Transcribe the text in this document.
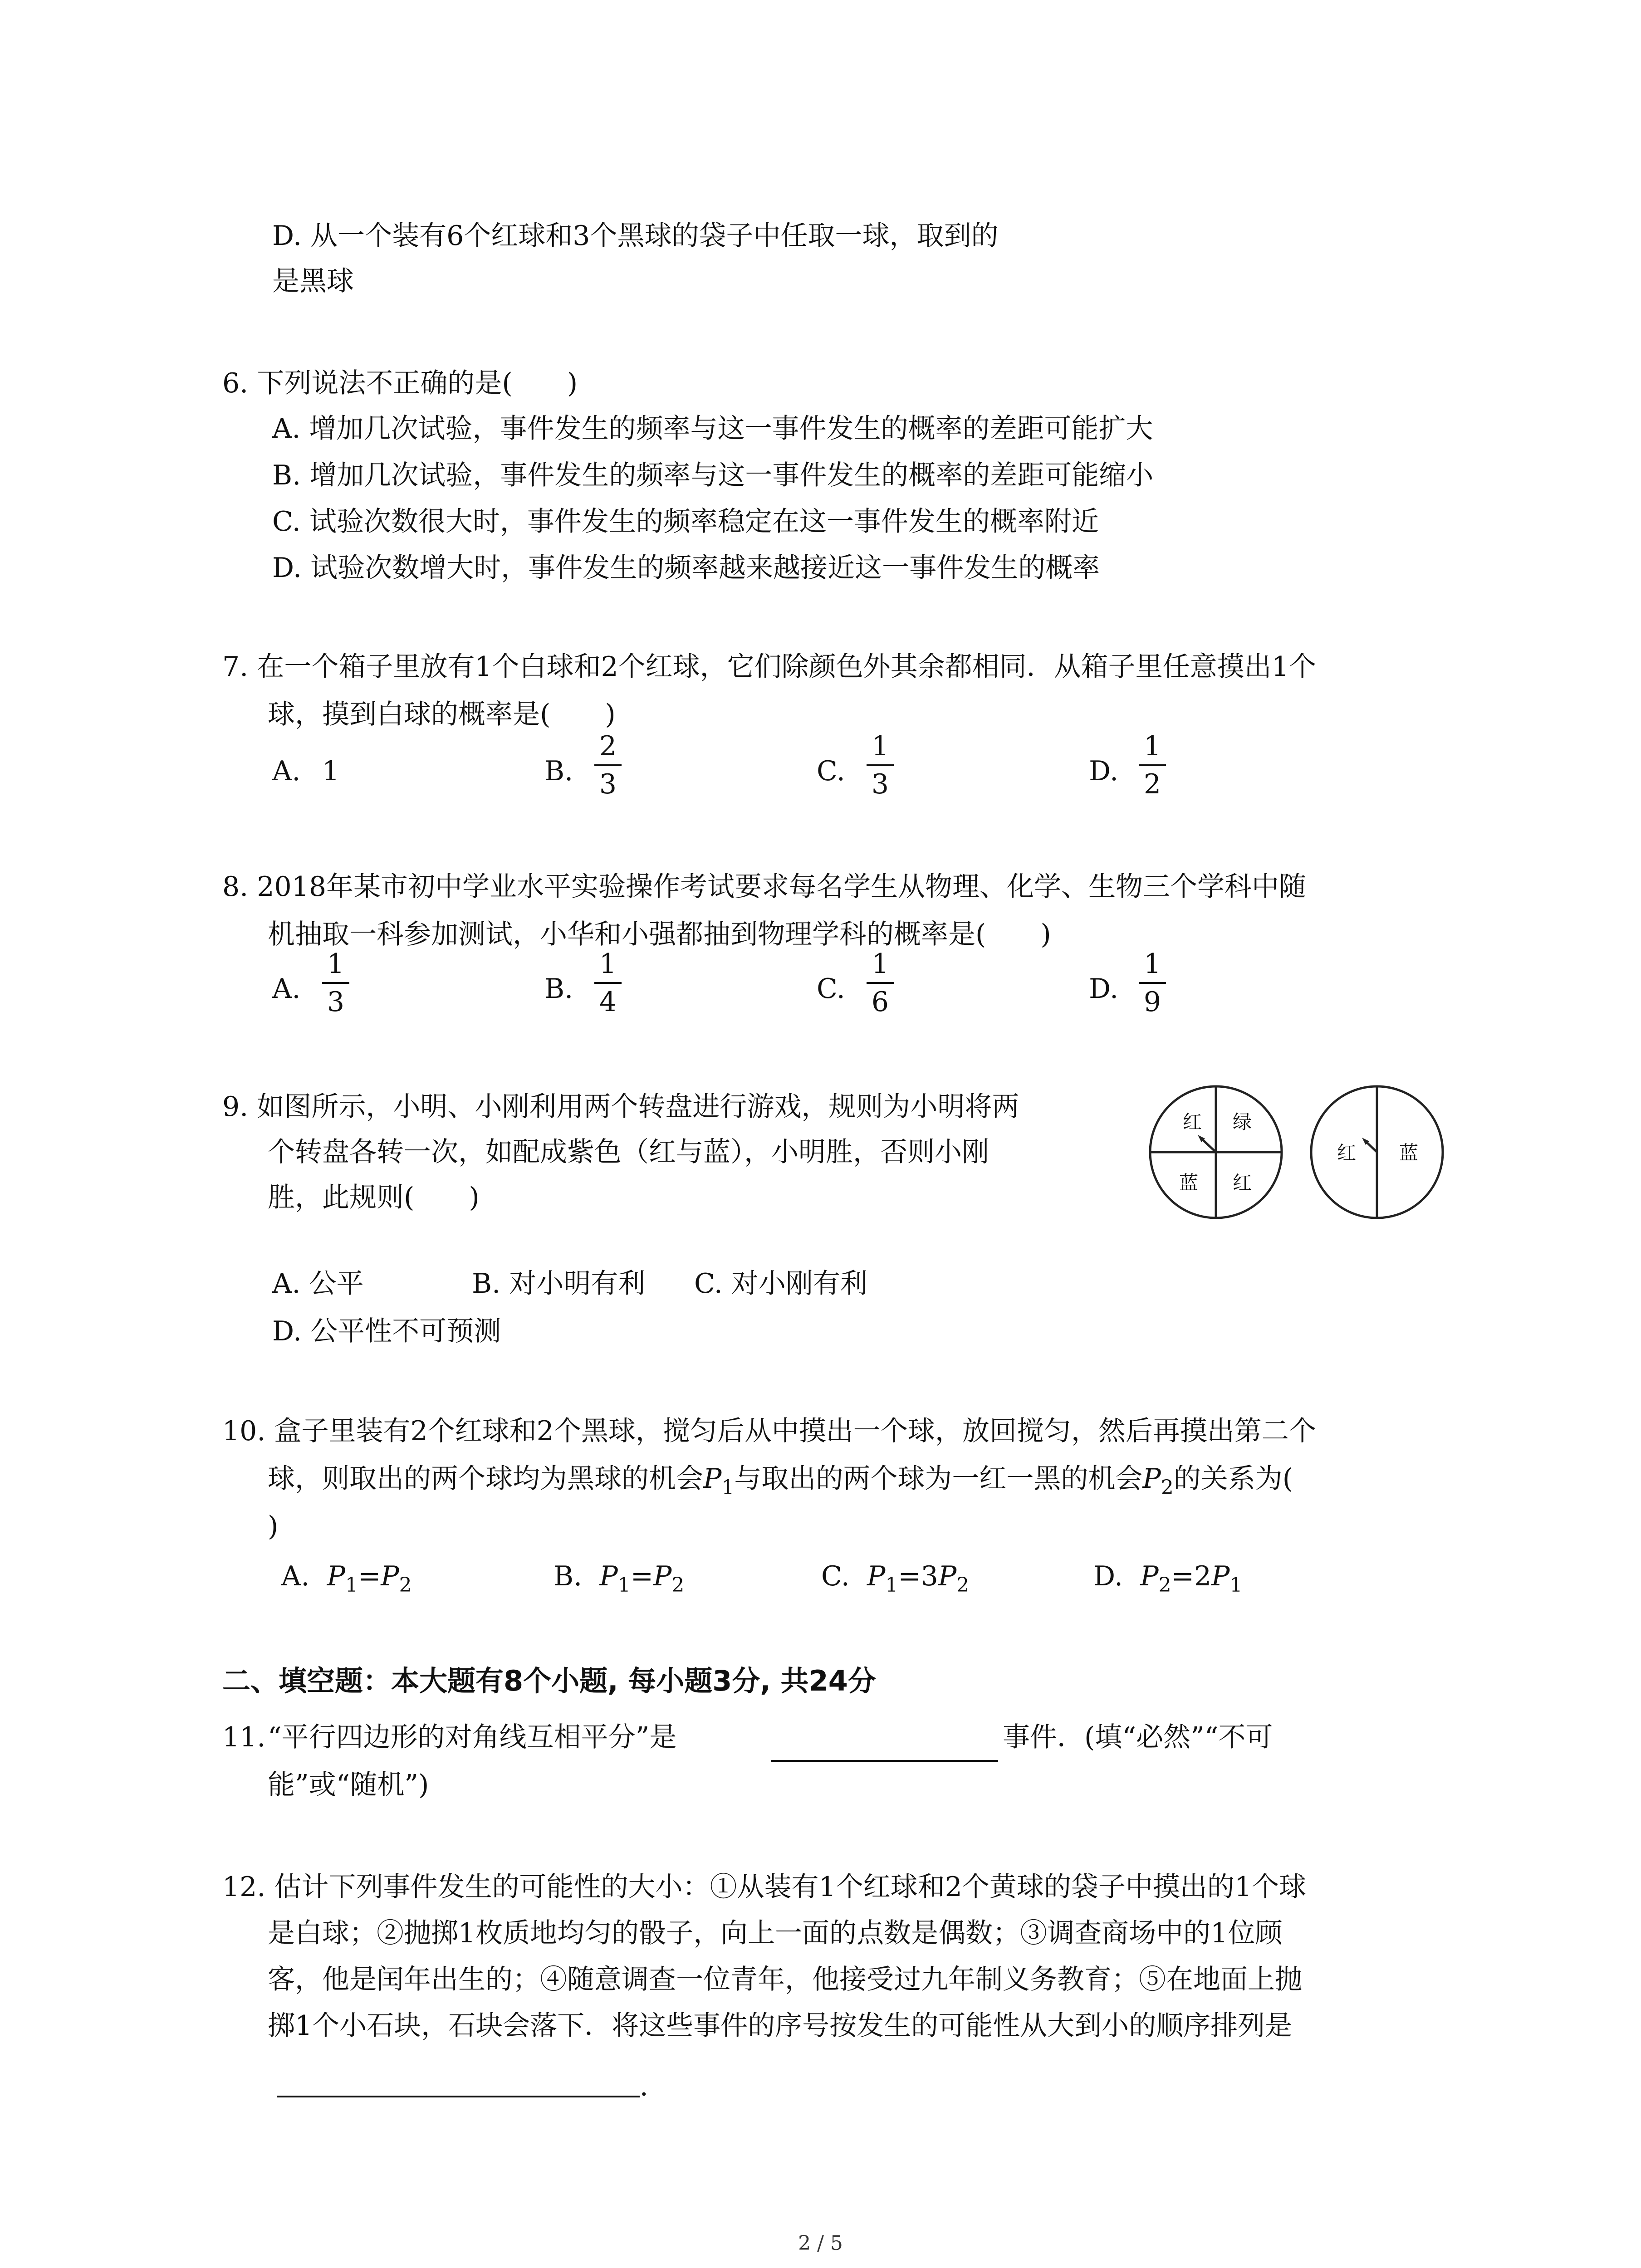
D. 从一个装有6个红球和3个黑球的袋子中任取一球，取到的
是黑球
6. 下列说法不正确的是(　　)
A. 增加几次试验，事件发生的频率与这一事件发生的概率的差距可能扩大
B. 增加几次试验，事件发生的频率与这一事件发生的概率的差距可能缩小
C. 试验次数很大时，事件发生的频率稳定在这一事件发生的概率附近
D. 试验次数增大时，事件发生的频率越来越接近这一事件发生的概率
7. 在一个箱子里放有1个白球和2个红球，它们除颜色外其余都相同．从箱子里任意摸出1个
球，摸到白球的概率是(　　)
A. 1	B.
2
3	C.
1
3	D.
1
2
8. 2018年某市初中学业水平实验操作考试要求每名学生从物理、化学、生物三个学科中随
机抽取一科参加测试，小华和小强都抽到物理学科的概率是(　　)
A.
1
3	B.
1
4	C.
1
6	D.
1
9
9. 如图所示，小明、小刚利用两个转盘进行游戏，规则为小明将两
个转盘各转一次，如配成紫色（红与蓝），小明胜，否则小刚
胜，此规则(　　)
红 绿
蓝 红
红 蓝
A. 公平	B. 对小明有利 C. 对小刚有利
D. 公平性不可预测
10. 盒子里装有2个红球和2个黑球，搅匀后从中摸出一个球，放回搅匀，然后再摸出第二个
球，则取出的两个球均为黑球的机会$P_1$与取出的两个球为一红一黑的机会$P_2$的关系为(
)
A. $P_1=P_2$	B. $P_1=P_2$	C. $P_1=3P_2$	D. $P_2=2P_1$
二、填空题：本大题有8个小题, 每小题3分, 共24分
11. “平行四边形的对角线互相平分”是	事件．(填“必然”“不可
能”或“随机”)
12. 估计下列事件发生的可能性的大小：①从装有1个红球和2个黄球的袋子中摸出的1个球
是白球；②抛掷1枚质地均匀的骰子，向上一面的点数是偶数；③调查商场中的1位顾
客，他是闰年出生的；④随意调查一位青年，他接受过九年制义务教育；⑤在地面上抛
掷1个小石块，石块会落下．将这些事件的序号按发生的可能性从大到小的顺序排列是
．
2 / 5
